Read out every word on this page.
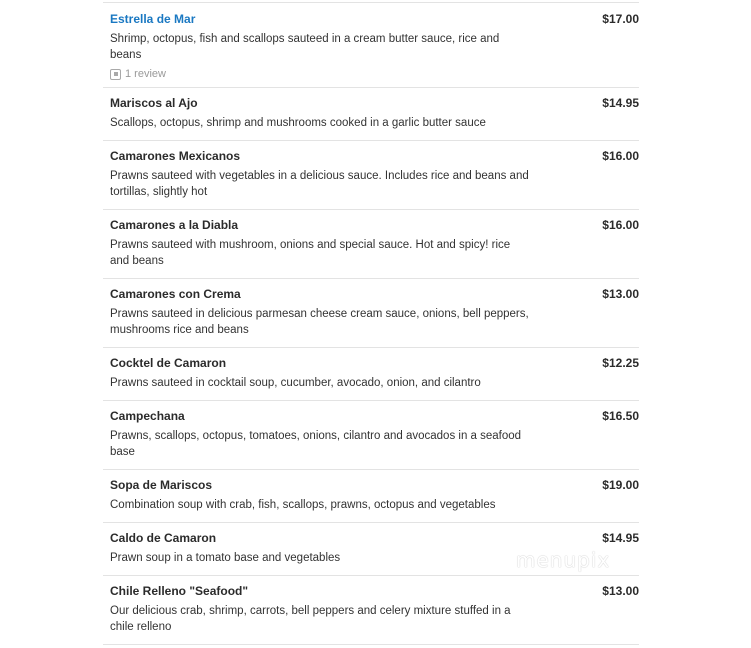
Estrella de Mar	$17.00
Shrimp, octopus, fish and scallops sauteed in a cream butter sauce, rice and beans
1 review
Mariscos al Ajo	$14.95
Scallops, octopus, shrimp and mushrooms cooked in a garlic butter sauce
Camarones Mexicanos	$16.00
Prawns sauteed with vegetables in a delicious sauce. Includes rice and beans and tortillas, slightly hot
Camarones a la Diabla	$16.00
Prawns sauteed with mushroom, onions and special sauce. Hot and spicy! rice and beans
Camarones con Crema	$13.00
Prawns sauteed in delicious parmesan cheese cream sauce, onions, bell peppers, mushrooms rice and beans
Cocktel de Camaron	$12.25
Prawns sauteed in cocktail soup, cucumber, avocado, onion, and cilantro
Campechana	$16.50
Prawns, scallops, octopus, tomatoes, onions, cilantro and avocados in a seafood base
Sopa de Mariscos	$19.00
Combination soup with crab, fish, scallops, prawns, octopus and vegetables
Caldo de Camaron	$14.95
Prawn soup in a tomato base and vegetables
Chile Relleno "Seafood"	$13.00
Our delicious crab, shrimp, carrots, bell peppers and celery mixture stuffed in a chile relleno
menupix
